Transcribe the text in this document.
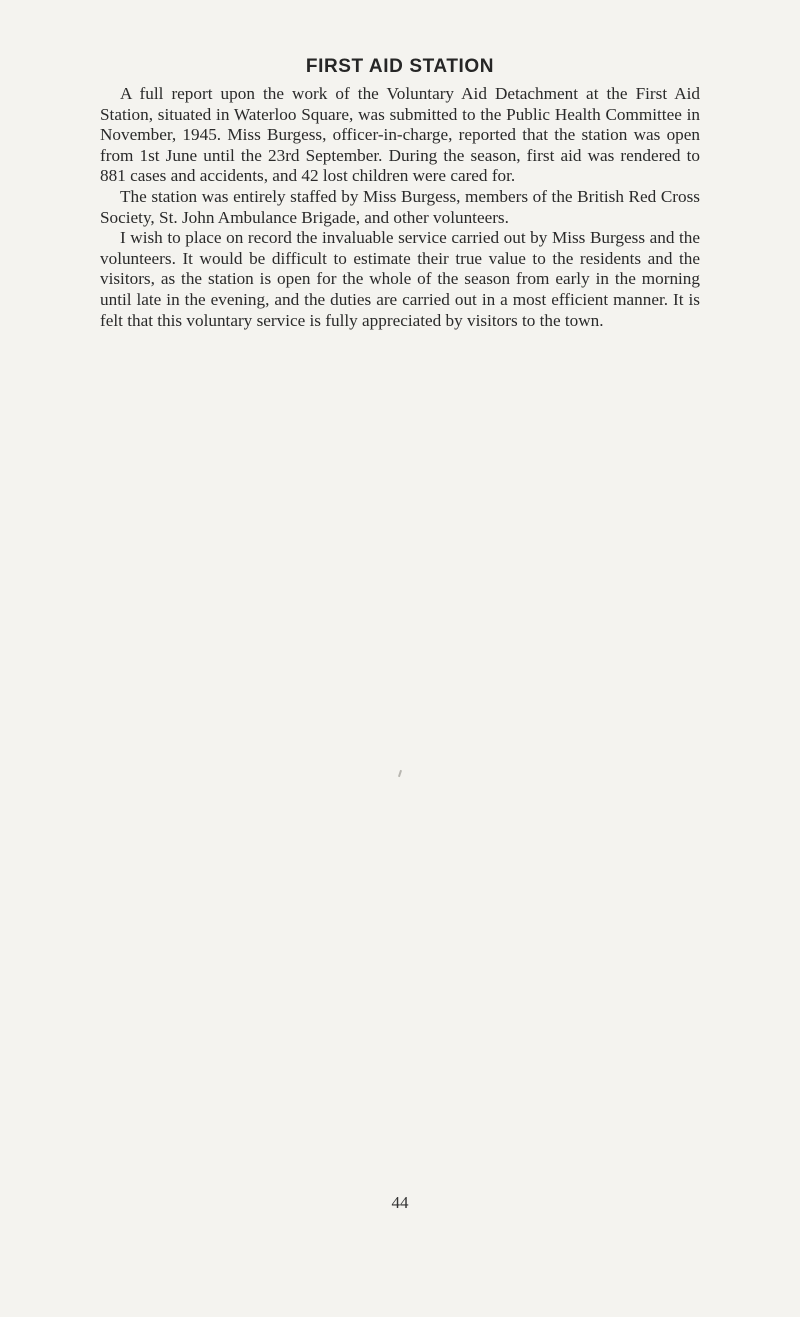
FIRST AID STATION

A full report upon the work of the Voluntary Aid Detachment at the First Aid Station, situated in Waterloo Square, was submitted to the Public Health Committee in November, 1945. Miss Burgess, officer-in-charge, reported that the station was open from 1st June until the 23rd September. During the season, first aid was rendered to 881 cases and accidents, and 42 lost children were cared for.

The station was entirely staffed by Miss Burgess, members of the British Red Cross Society, St. John Ambulance Brigade, and other volunteers.

I wish to place on record the invaluable service carried out by Miss Burgess and the volunteers. It would be difficult to estimate their true value to the residents and the visitors, as the station is open for the whole of the season from early in the morning until late in the evening, and the duties are carried out in a most efficient manner. It is felt that this voluntary service is fully appreciated by visitors to the town.

44
